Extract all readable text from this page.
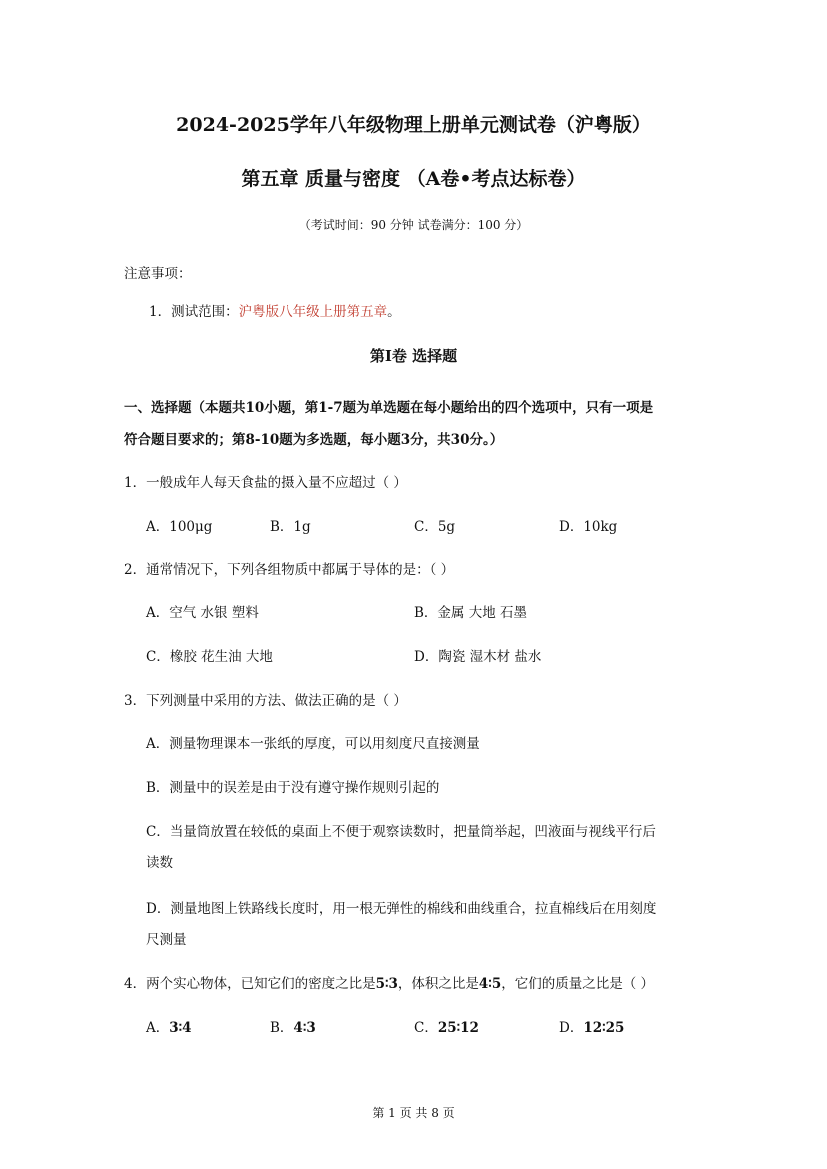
2024-2025学年八年级物理上册单元测试卷（沪粤版）
第五章 质量与密度 （A卷•考点达标卷）
（考试时间：90 分钟 试卷满分：100 分）
注意事项：
1．测试范围：沪粤版八年级上册第五章。
第Ⅰ卷 选择题
一、选择题（本题共10小题，第1-7题为单选题在每小题给出的四个选项中，只有一项是
符合题目要求的；第8-10题为多选题，每小题3分，共30分。）
1．一般成年人每天食盐的摄入量不应超过（ ）
A．100μg	B．1g	C．5g	D．10kg
2．通常情况下，下列各组物质中都属于导体的是：（ ）
A．空气 水银 塑料	B．金属 大地 石墨
C．橡胶 花生油 大地	D．陶瓷 湿木材 盐水
3．下列测量中采用的方法、做法正确的是（ ）
A．测量物理课本一张纸的厚度，可以用刻度尺直接测量
B．测量中的误差是由于没有遵守操作规则引起的
C．当量筒放置在较低的桌面上不便于观察读数时，把量筒举起，凹液面与视线平行后
读数
D．测量地图上铁路线长度时，用一根无弹性的棉线和曲线重合，拉直棉线后在用刻度
尺测量
4．两个实心物体，已知它们的密度之比是5∶3，体积之比是4∶5，它们的质量之比是（ ）
A．3∶4	B．4∶3	C．25∶12	D．12∶25
第 1 页 共 8 页
